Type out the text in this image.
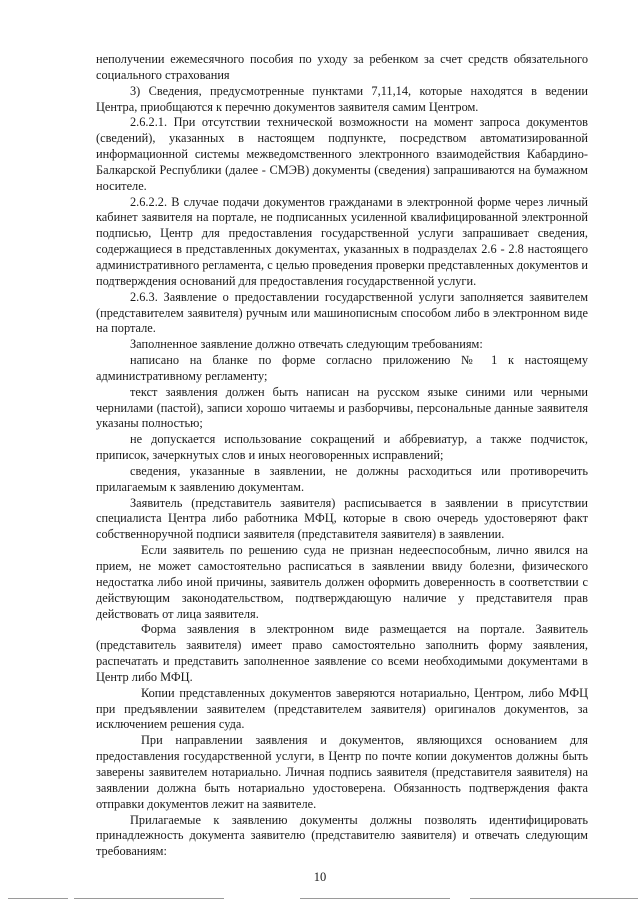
неполучении ежемесячного пособия по уходу за ребенком за счет средств обязательного социального страхования

3) Сведения, предусмотренные пунктами 7,11,14, которые находятся в ведении Центра, приобщаются к перечню документов заявителя самим Центром.

2.6.2.1. При отсутствии технической возможности на момент запроса документов (сведений), указанных в настоящем подпункте, посредством автоматизированной информационной системы межведомственного электронного взаимодействия Кабардино-Балкарской Республики (далее - СМЭВ) документы (сведения) запрашиваются на бумажном носителе.

2.6.2.2. В случае подачи документов гражданами в электронной форме через личный кабинет заявителя на портале, не подписанных усиленной квалифицированной электронной подписью, Центр для предоставления государственной услуги запрашивает сведения, содержащиеся в представленных документах, указанных в подразделах 2.6 - 2.8 настоящего административного регламента, с целью проведения проверки представленных документов и подтверждения оснований для предоставления государственной услуги.

2.6.3. Заявление о предоставлении государственной услуги заполняется заявителем (представителем заявителя) ручным или машинописным способом либо в электронном виде на портале.

Заполненное заявление должно отвечать следующим требованиям:

написано на бланке по форме согласно приложению № 1 к настоящему административному регламенту;

текст заявления должен быть написан на русском языке синими или черными чернилами (пастой), записи хорошо читаемы и разборчивы, персональные данные заявителя указаны полностью;

не допускается использование сокращений и аббревиатур, а также подчисток, приписок, зачеркнутых слов и иных неоговоренных исправлений;

сведения, указанные в заявлении, не должны расходиться или противоречить прилагаемым к заявлению документам.

Заявитель (представитель заявителя) расписывается в заявлении в присутствии специалиста Центра либо работника МФЦ, которые в свою очередь удостоверяют факт собственноручной подписи заявителя (представителя заявителя) в заявлении.

Если заявитель по решению суда не признан недееспособным, лично явился на прием, не может самостоятельно расписаться в заявлении ввиду болезни, физического недостатка либо иной причины, заявитель должен оформить доверенность в соответствии с действующим законодательством, подтверждающую наличие у представителя прав действовать от лица заявителя.

Форма заявления в электронном виде размещается на портале. Заявитель (представитель заявителя) имеет право самостоятельно заполнить форму заявления, распечатать и представить заполненное заявление со всеми необходимыми документами в Центр либо МФЦ.

Копии представленных документов заверяются нотариально, Центром, либо МФЦ при предъявлении заявителем (представителем заявителя) оригиналов документов, за исключением решения суда.

При направлении заявления и документов, являющихся основанием для предоставления государственной услуги, в Центр по почте копии документов должны быть заверены заявителем нотариально. Личная подпись заявителя (представителя заявителя) на заявлении должна быть нотариально удостоверена. Обязанность подтверждения факта отправки документов лежит на заявителе.

Прилагаемые к заявлению документы должны позволять идентифицировать принадлежность документа заявителю (представителю заявителя) и отвечать следующим требованиям:

10
